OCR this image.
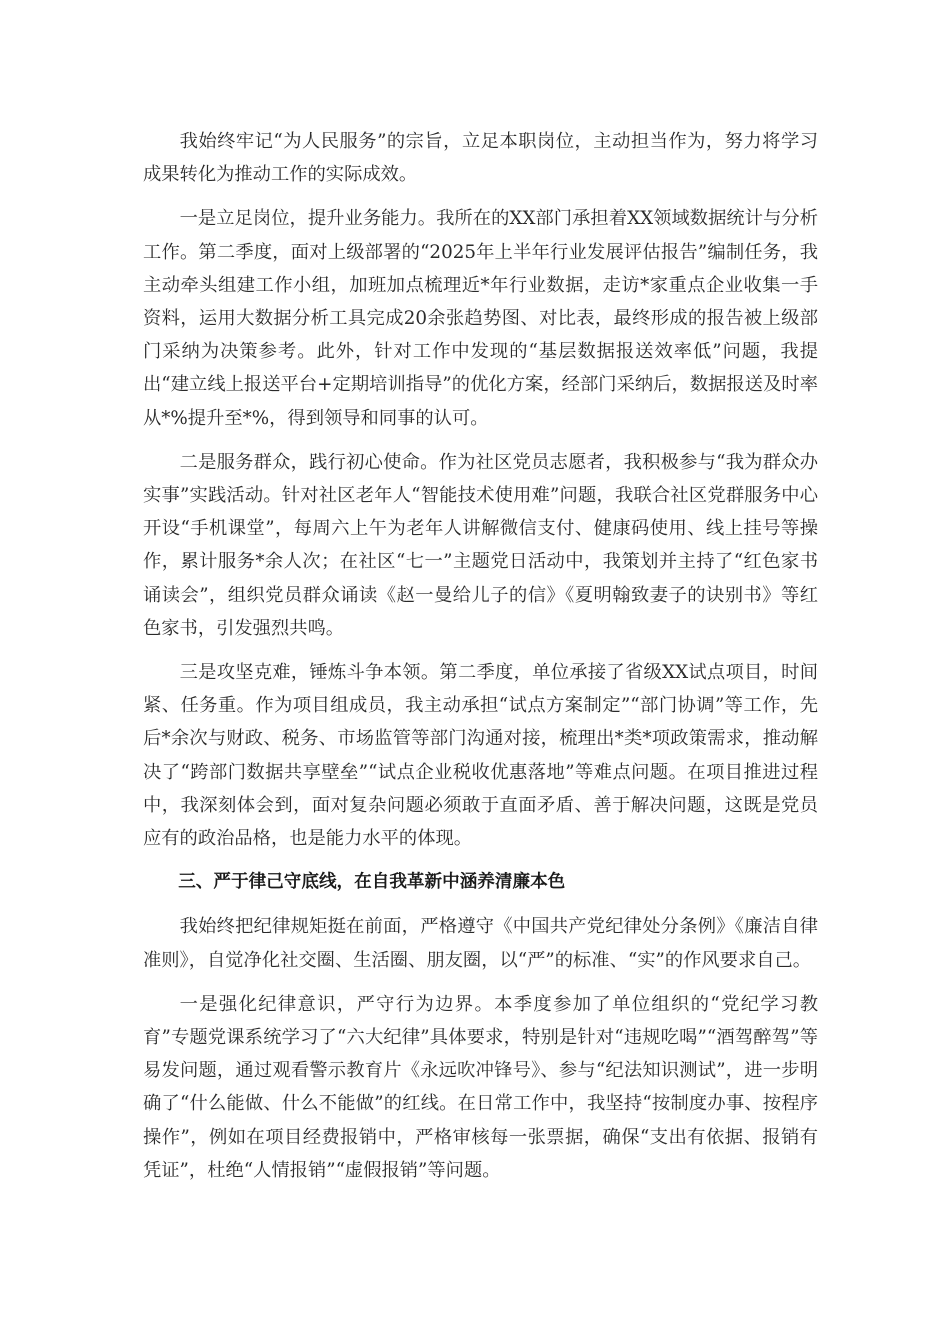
我始终牢记“为人民服务”的宗旨，立足本职岗位，主动担当作为，努力将学习成果转化为推动工作的实际成效。

一是立足岗位，提升业务能力。我所在的XX部门承担着XX领域数据统计与分析工作。第二季度，面对上级部署的“2025年上半年行业发展评估报告”编制任务，我主动牵头组建工作小组，加班加点梳理近*年行业数据，走访*家重点企业收集一手资料，运用大数据分析工具完成20余张趋势图、对比表，最终形成的报告被上级部门采纳为决策参考。此外，针对工作中发现的“基层数据报送效率低”问题，我提出“建立线上报送平台+定期培训指导”的优化方案，经部门采纳后，数据报送及时率从*%提升至*%，得到领导和同事的认可。

二是服务群众，践行初心使命。作为社区党员志愿者，我积极参与“我为群众办实事”实践活动。针对社区老年人“智能技术使用难”问题，我联合社区党群服务中心开设“手机课堂”，每周六上午为老年人讲解微信支付、健康码使用、线上挂号等操作，累计服务*余人次；在社区“七一”主题党日活动中，我策划并主持了“红色家书诵读会”，组织党员群众诵读《赵一曼给儿子的信》《夏明翰致妻子的诀别书》等红色家书，引发强烈共鸣。

三是攻坚克难，锤炼斗争本领。第二季度，单位承接了省级XX试点项目，时间紧、任务重。作为项目组成员，我主动承担“试点方案制定”“部门协调”等工作，先后*余次与财政、税务、市场监管等部门沟通对接，梳理出*类*项政策需求，推动解决了“跨部门数据共享壁垒”“试点企业税收优惠落地”等难点问题。在项目推进过程中，我深刻体会到，面对复杂问题必须敢于直面矛盾、善于解决问题，这既是党员应有的政治品格，也是能力水平的体现。

三、严于律己守底线，在自我革新中涵养清廉本色

我始终把纪律规矩挺在前面，严格遵守《中国共产党纪律处分条例》《廉洁自律准则》，自觉净化社交圈、生活圈、朋友圈，以“严”的标准、“实”的作风要求自己。

一是强化纪律意识，严守行为边界。本季度参加了单位组织的“党纪学习教育”专题党课系统学习了“六大纪律”具体要求，特别是针对“违规吃喝”“酒驾醉驾”等易发问题，通过观看警示教育片《永远吹冲锋号》、参与“纪法知识测试”，进一步明确了“什么能做、什么不能做”的红线。在日常工作中，我坚持“按制度办事、按程序操作”，例如在项目经费报销中，严格审核每一张票据，确保“支出有依据、报销有凭证”，杜绝“人情报销”“虚假报销”等问题。
